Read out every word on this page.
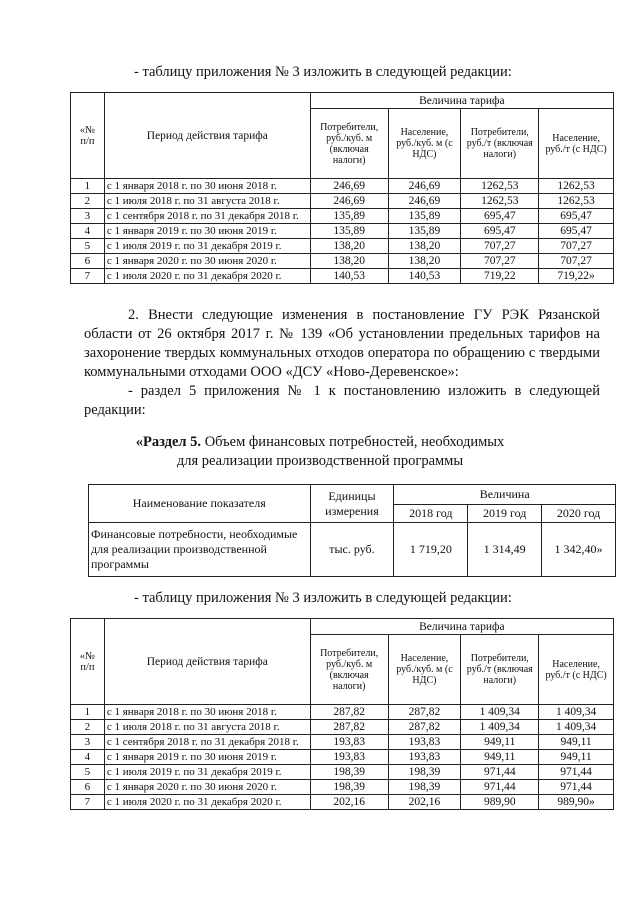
- таблицу приложения № 3 изложить в следующей редакции:
«№
п/п	Период действия тарифа	Величина тарифа			
		Потребители, руб./куб. м (включая налоги)	Население, руб./куб. м (с НДС)	Потребители, руб./т (включая налоги)	Население, руб./т (с НДС)
1	с 1 января 2018 г. по 30 июня 2018 г.	246,69	246,69	1262,53	1262,53
2	с 1 июля 2018 г. по 31 августа 2018 г.	246,69	246,69	1262,53	1262,53
3	с 1 сентября 2018 г. по 31 декабря 2018 г.	135,89	135,89	695,47	695,47
4	с 1 января 2019 г. по 30 июня 2019 г.	135,89	135,89	695,47	695,47
5	с 1 июля 2019 г. по 31 декабря 2019 г.	138,20	138,20	707,27	707,27
6	с 1 января 2020 г. по 30 июня 2020 г.	138,20	138,20	707,27	707,27
7	с 1 июля 2020 г. по 31 декабря 2020 г.	140,53	140,53	719,22	719,22»

2. Внести следующие изменения в постановление ГУ РЭК Рязанской области от 26 октября 2017 г. № 139 «Об установлении предельных тарифов на захоронение твердых коммунальных отходов оператора по обращению с твердыми коммунальными отходами ООО «ДСУ «Ново-Деревенское»:

- раздел 5 приложения № 1 к постановлению изложить в следующей редакции:

«Раздел 5. Объем финансовых потребностей, необходимых
для реализации производственной программы
Наименование показателя	Единицы измерения	Величина		
		2018 год	2019 год	2020 год
Финансовые потребности, необходимые для реализации производственной программы	тыс. руб.	1 719,20	1 314,49	1 342,40»
- таблицу приложения № 3 изложить в следующей редакции:
«№
п/п	Период действия тарифа	Величина тарифа			
		Потребители, руб./куб. м (включая налоги)	Население, руб./куб. м (с НДС)	Потребители, руб./т (включая налоги)	Население, руб./т (с НДС)
1	с 1 января 2018 г. по 30 июня 2018 г.	287,82	287,82	1 409,34	1 409,34
2	с 1 июля 2018 г. по 31 августа 2018 г.	287,82	287,82	1 409,34	1 409,34
3	с 1 сентября 2018 г. по 31 декабря 2018 г.	193,83	193,83	949,11	949,11
4	с 1 января 2019 г. по 30 июня 2019 г.	193,83	193,83	949,11	949,11
5	с 1 июля 2019 г. по 31 декабря 2019 г.	198,39	198,39	971,44	971,44
6	с 1 января 2020 г. по 30 июня 2020 г.	198,39	198,39	971,44	971,44
7	с 1 июля 2020 г. по 31 декабря 2020 г.	202,16	202,16	989,90	989,90»
